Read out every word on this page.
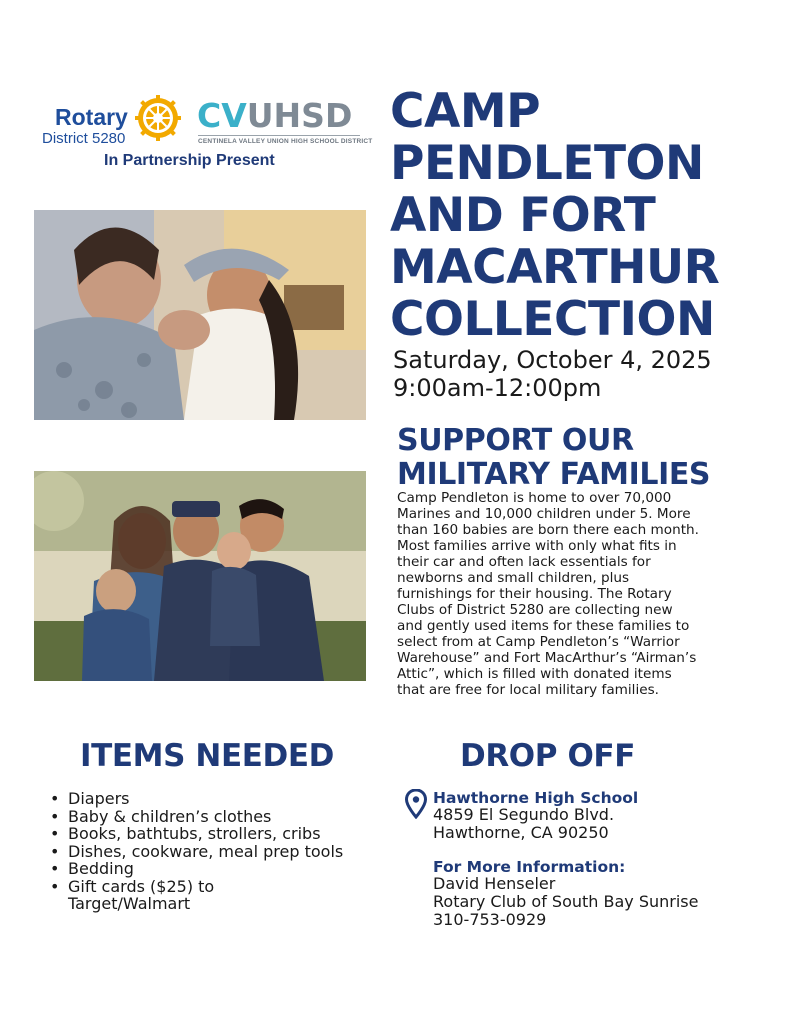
Rotary
District 5280
CVUHSD
CENTINELA VALLEY UNION HIGH SCHOOL DISTRICT
In Partnership Present
CAMP
PENDLETON
AND FORT
MACARTHUR
COLLECTION
Saturday, October 4, 2025
9:00am-12:00pm
SUPPORT OUR
MILITARY FAMILIES
Camp Pendleton is home to over 70,000
Marines and 10,000 children under 5. More
than 160 babies are born there each month.
Most families arrive with only what fits in
their car and often lack essentials for
newborns and small children, plus
furnishings for their housing. The Rotary
Clubs of District 5280 are collecting new
and gently used items for these families to
select from at Camp Pendleton’s “Warrior
Warehouse” and Fort MacArthur’s “Airman’s
Attic”, which is filled with donated items
that are free for local military families.
ITEMS NEEDED
• Diapers
• Baby & children’s clothes
• Books, bathtubs, strollers, cribs
• Dishes, cookware, meal prep tools
• Bedding
• Gift cards ($25) to
Target/Walmart
DROP OFF
Hawthorne High School
4859 El Segundo Blvd.
Hawthorne, CA 90250
For More Information:
David Henseler
Rotary Club of South Bay Sunrise
310-753-0929
